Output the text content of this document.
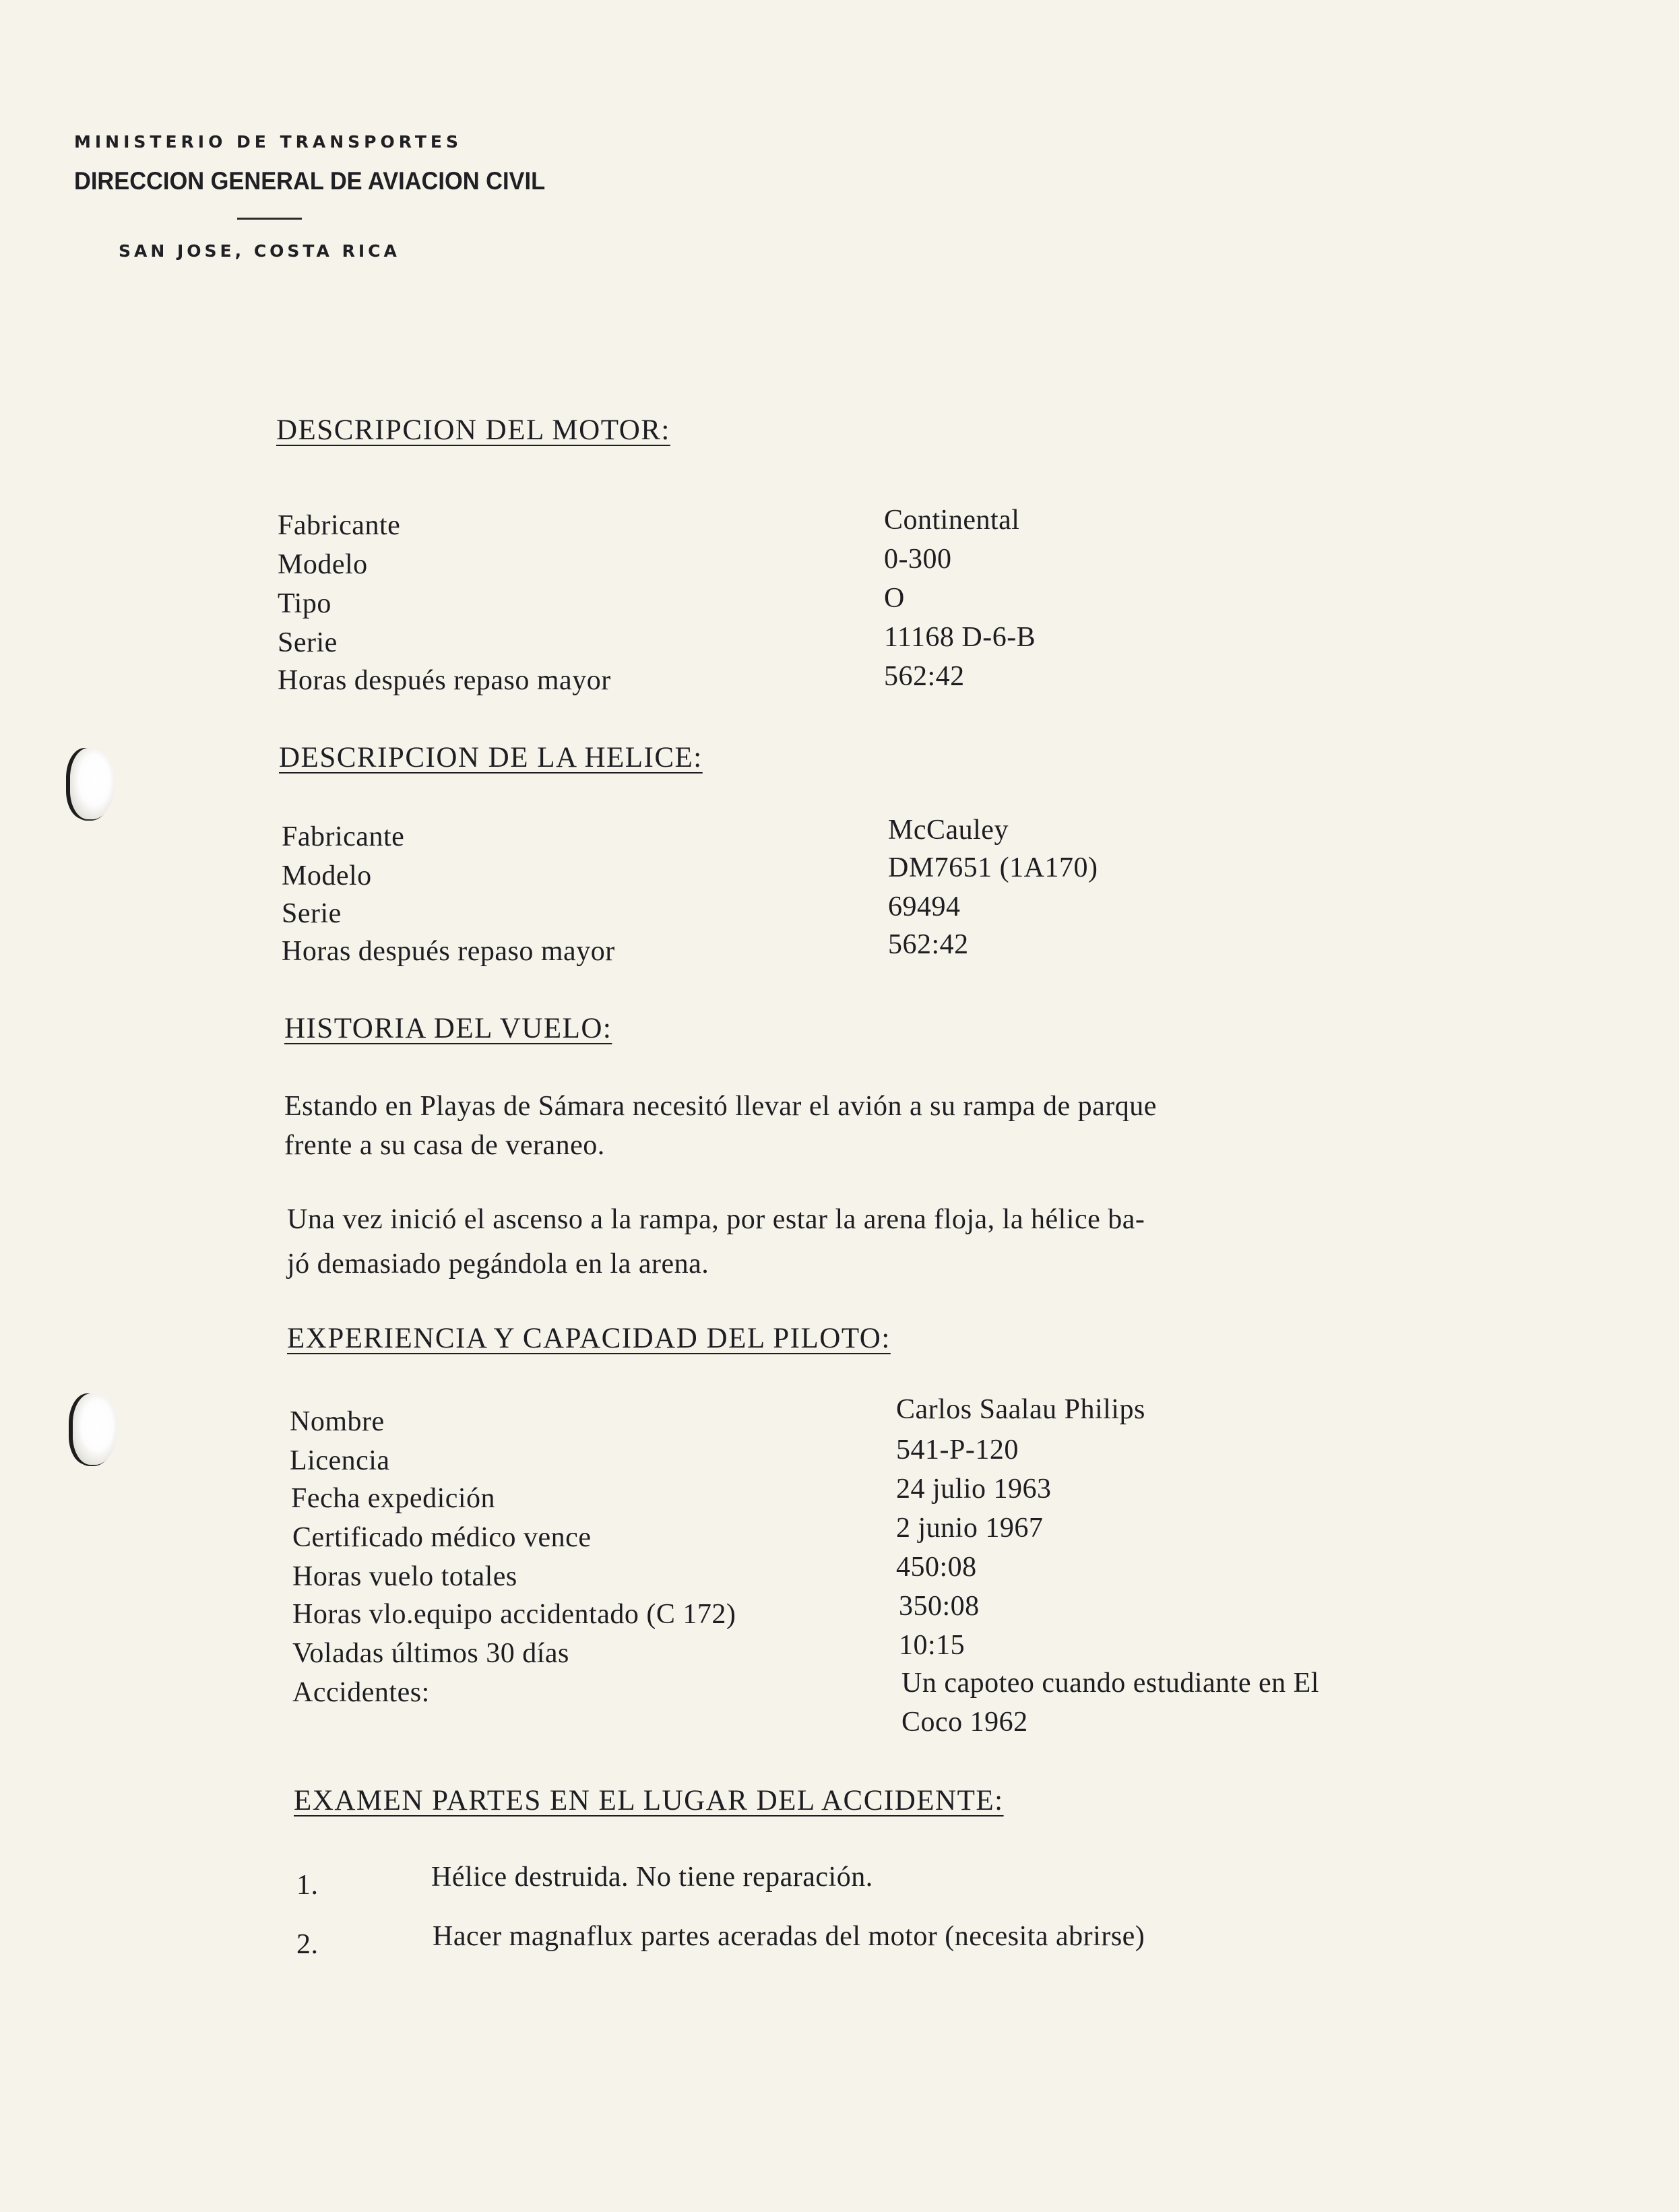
MINISTERIO DE TRANSPORTES
DIRECCION GENERAL DE AVIACION CIVIL
SAN JOSE, COSTA RICA
DESCRIPCION DEL MOTOR:
Fabricante	Continental
Modelo	0-300
Tipo	O
Serie	11168 D-6-B
Horas después repaso mayor	562:42
DESCRIPCION DE LA HELICE:
Fabricante	McCauley
Modelo	DM7651 (1A170)
Serie	69494
Horas después repaso mayor	562:42
HISTORIA DEL VUELO:
Estando en Playas de Sámara necesitó llevar el avión a su rampa de parque
frente a su casa de veraneo.
Una vez inició el ascenso a la rampa, por estar la arena floja, la hélice ba-
jó demasiado pegándola en la arena.
EXPERIENCIA Y CAPACIDAD DEL PILOTO:
Nombre	Carlos Saalau Philips
Licencia	541-P-120
Fecha expedición	24 julio 1963
Certificado médico vence	2 junio 1967
Horas vuelo totales	450:08
Horas vlo.equipo accidentado (C 172)	350:08
Voladas últimos 30 días	10:15
Accidentes:	Un capoteo cuando estudiante en El
Coco 1962
EXAMEN PARTES EN EL LUGAR DEL ACCIDENTE:
1.	Hélice destruida. No tiene reparación.
2.	Hacer magnaflux partes aceradas del motor (necesita abrirse)
